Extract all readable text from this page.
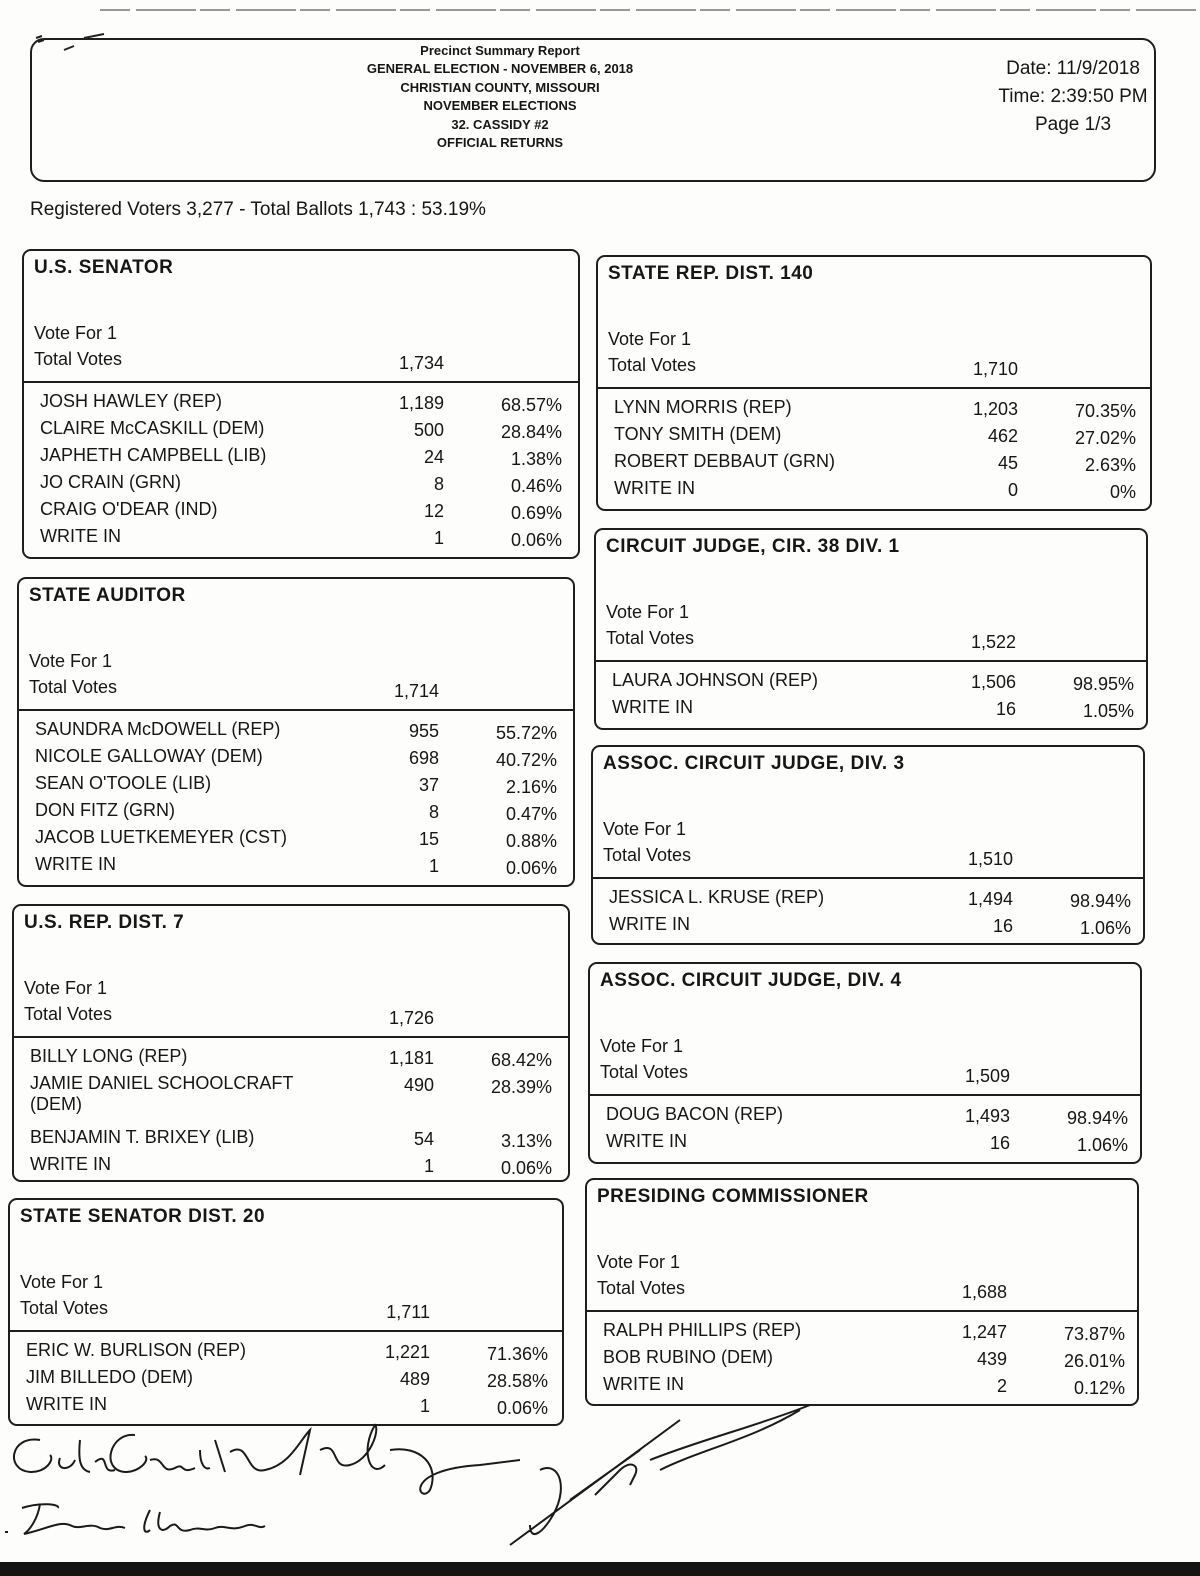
Precinct Summary Report
GENERAL ELECTION - NOVEMBER 6, 2018
CHRISTIAN COUNTY, MISSOURI
NOVEMBER ELECTIONS
32. CASSIDY #2
OFFICIAL RETURNS
Date: 11/9/2018
Time: 2:39:50 PM
Page 1/3
Registered Voters 3,277 - Total Ballots 1,743 : 53.19%
U.S. SENATOR
Vote For 1
Total Votes	1,734
JOSH HAWLEY (REP)	1,189	68.57%
CLAIRE McCASKILL (DEM)	500	28.84%
JAPHETH CAMPBELL (LIB)	24	1.38%
JO CRAIN (GRN)	8	0.46%
CRAIG O'DEAR (IND)	12	0.69%
WRITE IN	1	0.06%
STATE AUDITOR
Vote For 1
Total Votes	1,714
SAUNDRA McDOWELL (REP)	955	55.72%
NICOLE GALLOWAY (DEM)	698	40.72%
SEAN O'TOOLE (LIB)	37	2.16%
DON FITZ (GRN)	8	0.47%
JACOB LUETKEMEYER (CST)	15	0.88%
WRITE IN	1	0.06%
U.S. REP. DIST. 7
Vote For 1
Total Votes	1,726
BILLY LONG (REP)	1,181	68.42%
JAMIE DANIEL SCHOOLCRAFT (DEM)
490	28.39%
BENJAMIN T. BRIXEY (LIB)	54	3.13%
WRITE IN	1	0.06%
STATE SENATOR DIST. 20
Vote For 1
Total Votes	1,711
ERIC W. BURLISON (REP)	1,221	71.36%
JIM BILLEDO (DEM)	489	28.58%
WRITE IN	1	0.06%
STATE REP. DIST. 140
Vote For 1
Total Votes	1,710
LYNN MORRIS (REP)	1,203	70.35%
TONY SMITH (DEM)	462	27.02%
ROBERT DEBBAUT (GRN)	45	2.63%
WRITE IN	0	0%
CIRCUIT JUDGE, CIR. 38 DIV. 1
Vote For 1
Total Votes	1,522
LAURA JOHNSON (REP)	1,506	98.95%
WRITE IN	16	1.05%
ASSOC. CIRCUIT JUDGE, DIV. 3
Vote For 1
Total Votes	1,510
JESSICA L. KRUSE (REP)	1,494	98.94%
WRITE IN	16	1.06%
ASSOC. CIRCUIT JUDGE, DIV. 4
Vote For 1
Total Votes	1,509
DOUG BACON (REP)	1,493	98.94%
WRITE IN	16	1.06%
PRESIDING COMMISSIONER
Vote For 1
Total Votes	1,688
RALPH PHILLIPS (REP)	1,247	73.87%
BOB RUBINO (DEM)	439	26.01%
WRITE IN	2	0.12%
